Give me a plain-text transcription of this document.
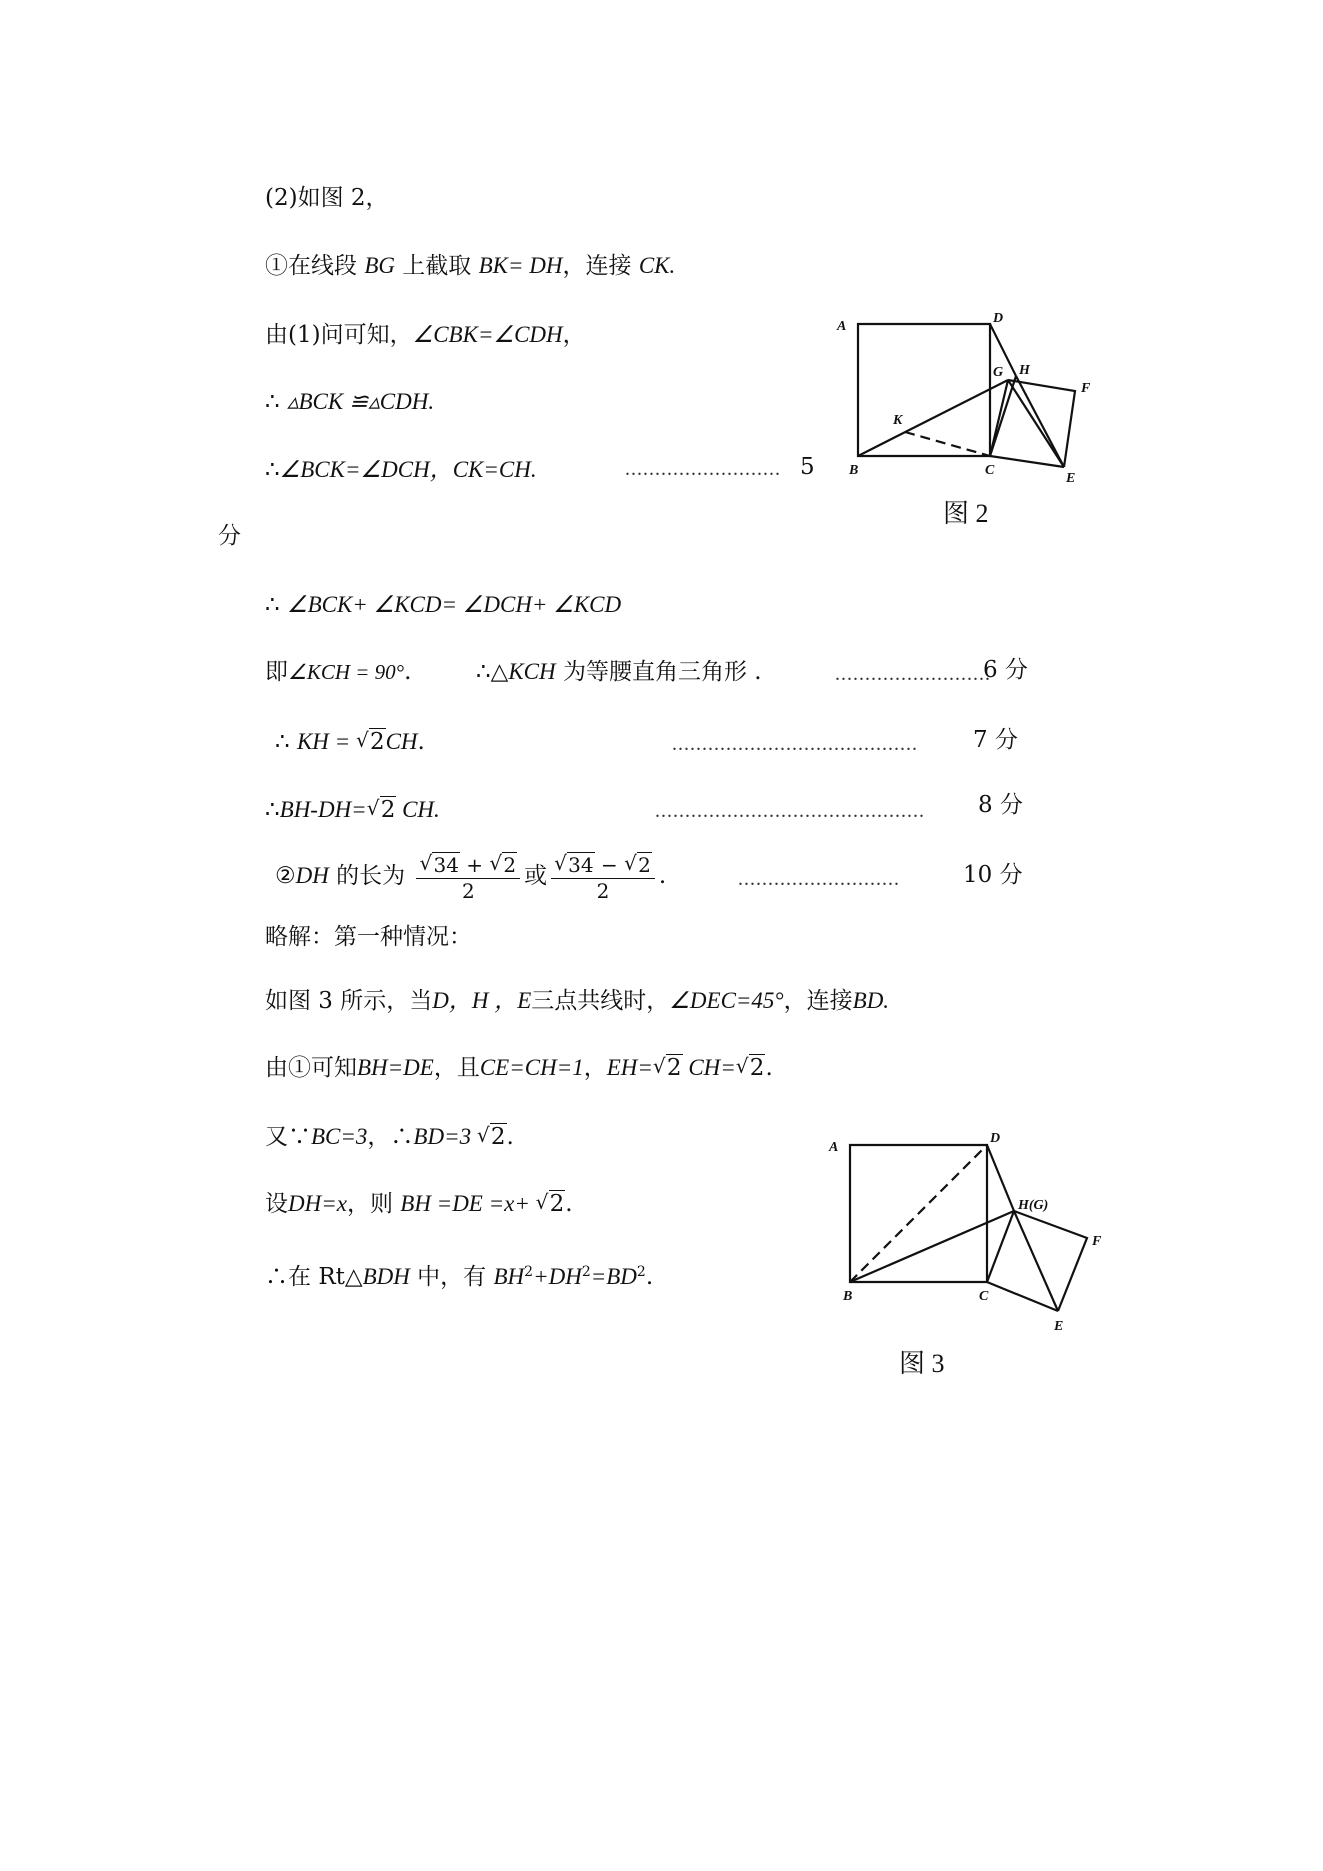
(2)如图 2，
①在线段 BG 上截取 BK= DH，连接 CK.
由(1)问可知，∠CBK=∠CDH，
∴ ▵BCK ≌▵CDH.
∴∠BCK=∠DCH，CK=CH.	.......................... 5
分
∴ ∠BCK+ ∠KCD= ∠DCH+ ∠KCD
即∠KCH = 90°.	∴△KCH 为等腰直角三角形 .	..........................
6 分
∴ KH = √ 2CH.	......................................... 7 分
∴BH-DH= √ 2 CH.	............................................. 8 分
②DH 的长为 √ $\frac{34 + √ 2}{2}$ 或 √ $\frac{34 - √ 2}{2}$ .	...........................	10 分
略解：第一种情况：
如图 3 所示，当D，H ，E三点共线时，∠DEC=45°，连接BD.
由①可知BH=DE，且CE=CH=1，EH= √ 2 CH= √ 2.
又∵BC=3，∴BD=3 √ 2.
设DH=x，则 BH =DE =x+ √ 2.
∴在 Rt△BDH 中，有 $BH^2+DH^2=BD^2$.
A
D
G H
F
K
B	C
E
图 2
A
D
H(G)
F
B	C
E
图 3
